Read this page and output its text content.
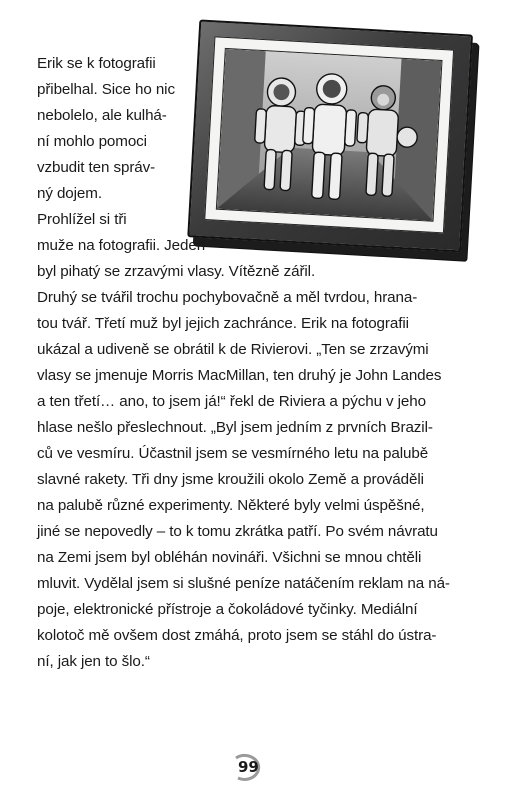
Erik se k fotografii
přibelhal. Sice ho nic
nebolelo, ale kulhá-
ní mohlo pomoci
vzbudit ten správ-
ný dojem.
Prohlížel si tři
muže na fotografii. Jeden
byl pihatý se zrzavými vlasy. Vítězně zářil.
Druhý se tvářil trochu pochybovačně a měl tvrdou, hrana-
tou tvář. Třetí muž byl jejich zachránce. Erik na fotografii
ukázal a udiveně se obrátil k de Rivierovi. „Ten se zrzavými
vlasy se jmenuje Morris MacMillan, ten druhý je John Landes
a ten třetí… ano, to jsem já!“ řekl de Riviera a pýchu v jeho
hlase nešlo přeslechnout. „Byl jsem jedním z prvních Brazil-
ců ve vesmíru. Účastnil jsem se vesmírného letu na palubě
slavné rakety. Tři dny jsme kroužili okolo Země a prováděli
na palubě různé experimenty. Některé byly velmi úspěšné,
jiné se nepovedly – to k tomu zkrátka patří. Po svém návratu
na Zemi jsem byl obléhán novináři. Všichni se mnou chtěli
mluvit. Vydělal jsem si slušné peníze natáčením reklam na ná-
poje, elektronické přístroje a čokoládové tyčinky. Mediální
kolotoč mě ovšem dost zmáhá, proto jsem se stáhl do ústra-
ní, jak jen to šlo.“
99
